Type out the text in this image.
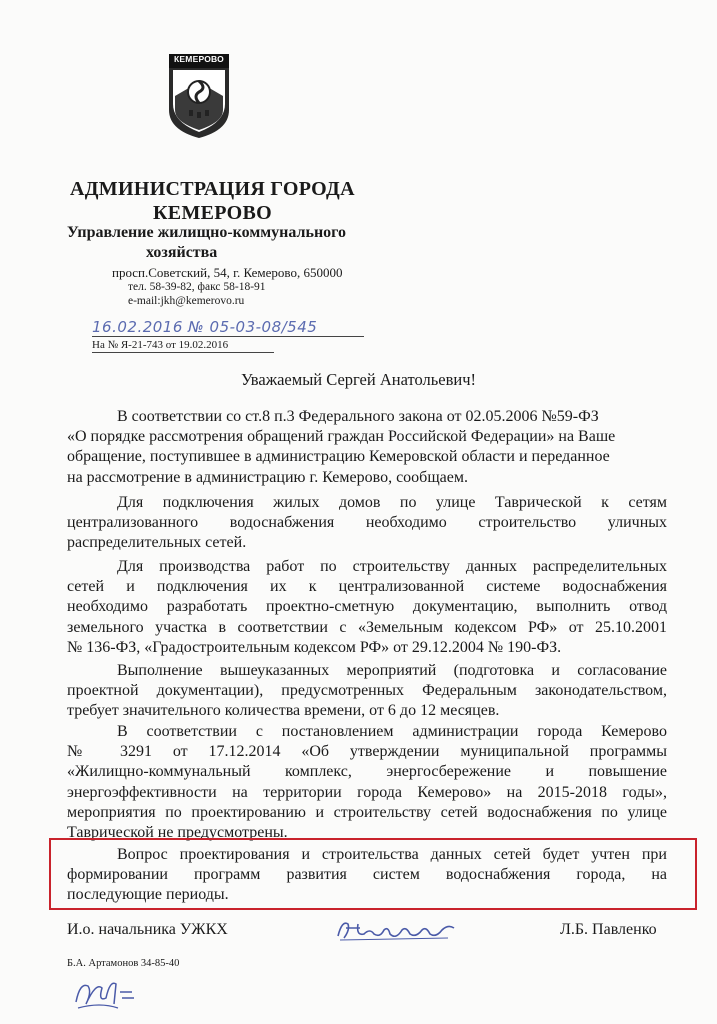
КЕМЕРОВО
АДМИНИСТРАЦИЯ ГОРОДА
КЕМЕРОВО
Управление жилищно-коммунального
хозяйства
просп.Советский, 54, г. Кемерово, 650000
тел. 58-39-82, факс 58-18-91
e-mail:jkh@kemerovo.ru
16.02.2016 № 05-03-08/545
На № Я-21-743 от 19.02.2016
Уважаемый Сергей Анатольевич!
В соответствии со ст.8 п.3 Федерального закона от 02.05.2006 №59-ФЗ
«О порядке рассмотрения обращений граждан Российской Федерации» на Ваше
обращение, поступившее в администрацию Кемеровской области и переданное
на рассмотрение в администрацию г. Кемерово, сообщаем.
Для подключения жилых домов по улице Таврической к сетям
централизованного водоснабжения необходимо строительство уличных
распределительных сетей.
Для производства работ по строительству данных распределительных
сетей и подключения их к централизованной системе водоснабжения
необходимо разработать проектно-сметную документацию, выполнить отвод
земельного участка в соответствии с «Земельным кодексом РФ» от 25.10.2001
№ 136-ФЗ, «Градостроительным кодексом РФ» от 29.12.2004 № 190-ФЗ.
Выполнение вышеуказанных мероприятий (подготовка и согласование
проектной документации), предусмотренных Федеральным законодательством,
требует значительного количества времени, от 6 до 12 месяцев.
В соответствии с постановлением администрации города Кемерово
№ 3291 от 17.12.2014 «Об утверждении муниципальной программы
«Жилищно-коммунальный комплекс, энергосбережение и повышение
энергоэффективности на территории города Кемерово» на 2015-2018 годы»,
мероприятия по проектированию и строительству сетей водоснабжения по улице
Таврической не предусмотрены.
Вопрос проектирования и строительства данных сетей будет учтен при
формировании программ развития систем водоснабжения города, на
последующие периоды.
И.о. начальника УЖКХ	Л.Б. Павленко
Б.А. Артамонов 34-85-40
